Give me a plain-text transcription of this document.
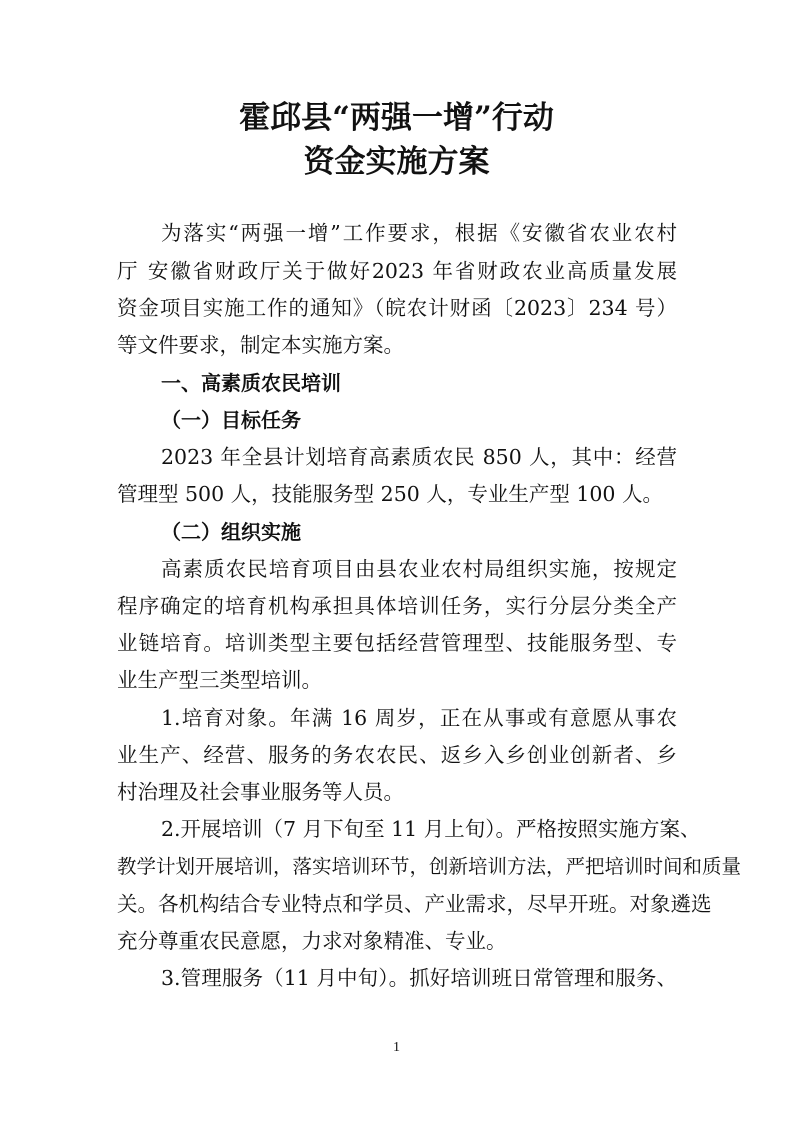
霍邱县“两强一增”行动
资金实施方案

为落实“两强一增”工作要求，根据《安徽省农业农村

厅 安徽省财政厅关于做好2023 年省财政农业高质量发展

资金项目实施工作的通知》（皖农计财函〔2023〕234 号）

等文件要求，制定本实施方案。

一、高素质农民培训

（一）目标任务

2023 年全县计划培育高素质农民 850 人，其中：经营

管理型 500 人，技能服务型 250 人，专业生产型 100 人。

（二）组织实施

高素质农民培育项目由县农业农村局组织实施，按规定

程序确定的培育机构承担具体培训任务，实行分层分类全产

业链培育。培训类型主要包括经营管理型、技能服务型、专

业生产型三类型培训。

1.培育对象。年满 16 周岁，正在从事或有意愿从事农

业生产、经营、服务的务农农民、返乡入乡创业创新者、乡

村治理及社会事业服务等人员。

2.开展培训（7 月下旬至 11 月上旬）。严格按照实施方案、

教学计划开展培训，落实培训环节，创新培训方法，严把培训时间和质量

关。各机构结合专业特点和学员、产业需求，尽早开班。对象遴选

充分尊重农民意愿，力求对象精准、专业。

3.管理服务（11 月中旬）。抓好培训班日常管理和服务、

1
